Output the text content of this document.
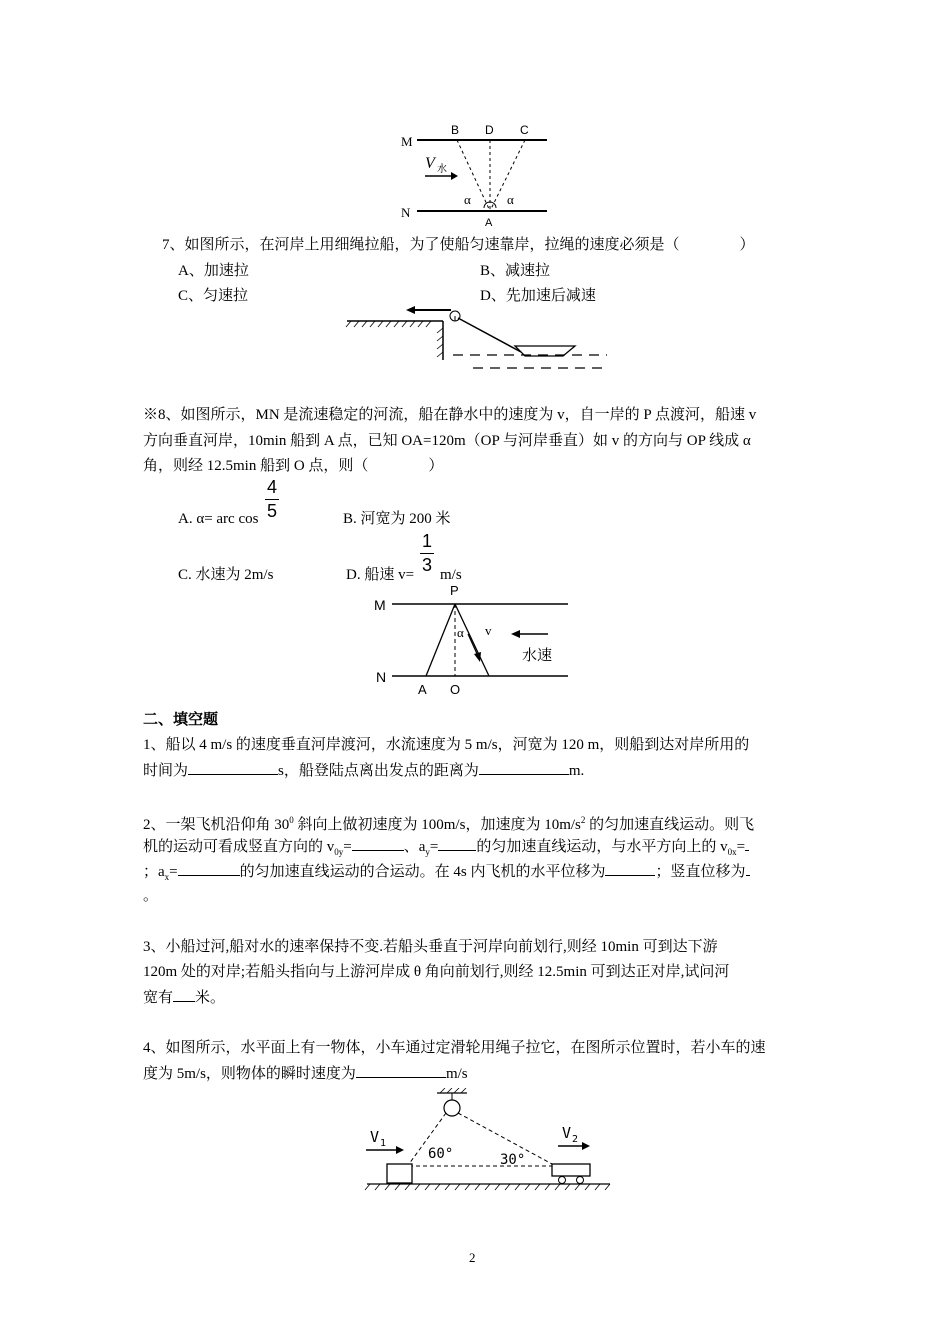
M
N
B D C
A
α	α
V 水
7、如图所示，在河岸上用细绳拉船，为了使船匀速靠岸，拉绳的速度必须是（　　　　）
A、加速拉	B、减速拉
C、匀速拉	D、先加速后减速
※8、如图所示，MN 是流速稳定的河流，船在静水中的速度为 v，自一岸的 P 点渡河，船速 v
方向垂直河岸，10min 船到 A 点，已知 OA=120m（OP 与河岸垂直）如 v 的方向与 OP 线成 α
角，则经 12.5min 船到 O 点，则（　　　　）
A. α= arc cos
4
5	B. 河宽为 200 米
C. 水速为 2m/s	D. 船速 v=
1
3 m/s
M
N
P
A O
α v
水速
二、填空题
1、船以 4 m/s 的速度垂直河岸渡河，水流速度为 5 m/s，河宽为 120 m，则船到达对岸所用的
时间为	s，船登陆点离出发点的距离为	m.
2、一架飞机沿仰角 $30^0$ 斜向上做初速度为 100m/s，加速度为 $10m/s^2$ 的匀加速直线运动。则飞
机的运动可看成竖直方向的 $v_{0y}=$	、$a_y=$	的匀加速直线运动，与水平方向上的 $v_{0x}=$
；$a_x=$	的匀加速直线运动的合运动。在 4s 内飞机的水平位移为	；竖直位移为
。
3、小船过河,船对水的速率保持不变.若船头垂直于河岸向前划行,则经 10min 可到达下游
120m 处的对岸;若船头指向与上游河岸成 θ 角向前划行,则经 12.5min 可到达正对岸,试问河
宽有 米。
4、如图所示，水平面上有一物体，小车通过定滑轮用绳子拉它，在图所示位置时，若小车的速
度为 5m/s，则物体的瞬时速度为	m/s
V 1
V 2
60°	30°
2
